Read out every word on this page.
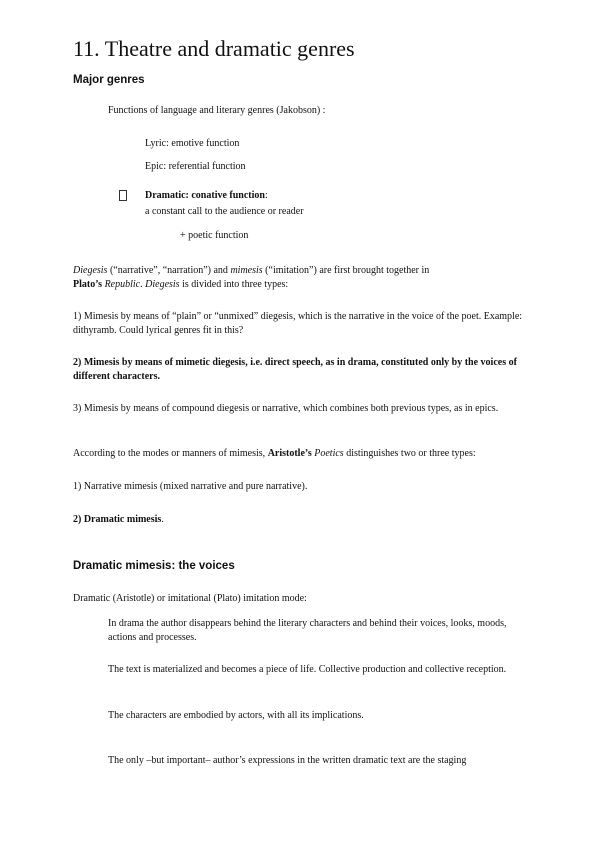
11. Theatre and dramatic genres
Major genres
Functions of language and literary genres (Jakobson) :
Lyric: emotive function
Epic: referential function
Dramatic: conative function:
a constant call to the audience or reader
+ poetic function
Diegesis (“narrative”, “narration”) and mimesis (“imitation”) are first brought together in
Plato’s Republic. Diegesis is divided into three types:
1) Mimesis by means of “plain” or “unmixed” diegesis, which is the narrative in the voice of the poet. Example: dithyramb. Could lyrical genres fit in this?
2) Mimesis by means of mimetic diegesis, i.e. direct speech, as in drama, constituted only by the voices of different characters.
3) Mimesis by means of compound diegesis or narrative, which combines both previous types, as in epics.
According to the modes or manners of mimesis, Aristotle’s Poetics distinguishes two or three types:
1) Narrative mimesis (mixed narrative and pure narrative).
2) Dramatic mimesis.
Dramatic mimesis: the voices
Dramatic (Aristotle) or imitational (Plato) imitation mode:
In drama the author disappears behind the literary characters and behind their voices, looks, moods, actions and processes.
The text is materialized and becomes a piece of life. Collective production and collective reception.
The characters are embodied by actors, with all its implications.
The only –but important– author’s expressions in the written dramatic text are the staging
